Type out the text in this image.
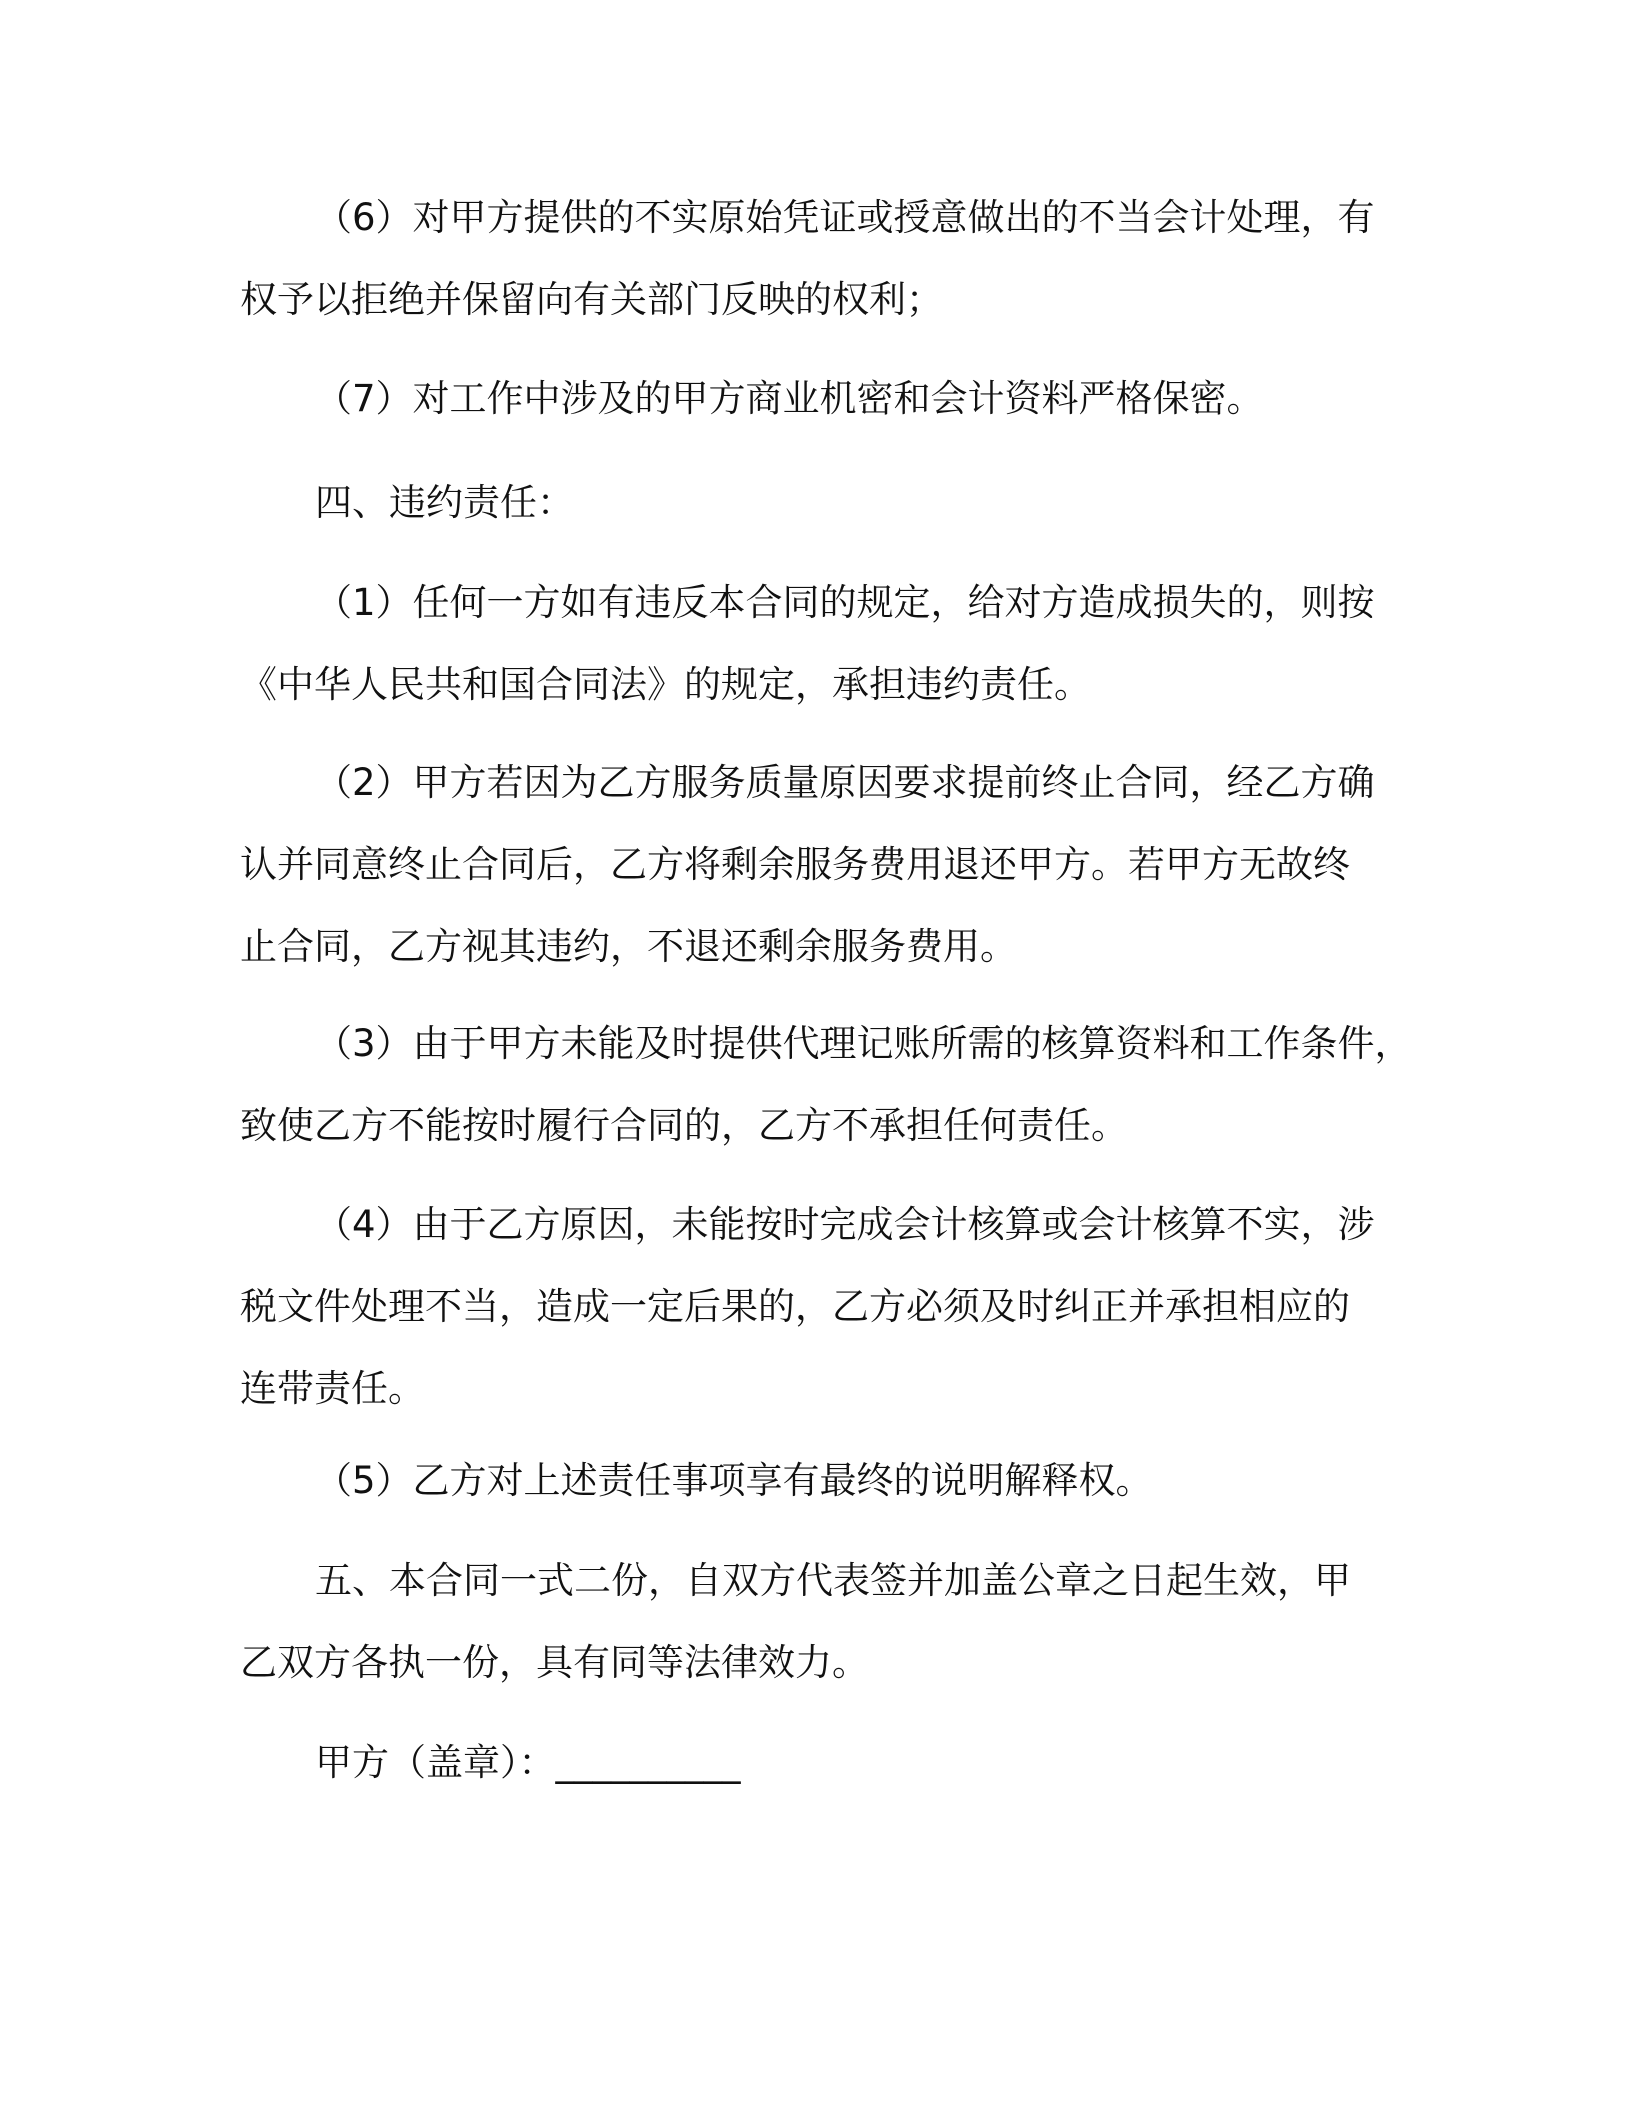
（6）对甲方提供的不实原始凭证或授意做出的不当会计处理，有
权予以拒绝并保留向有关部门反映的权利；
（7）对工作中涉及的甲方商业机密和会计资料严格保密。
四、违约责任：
（1）任何一方如有违反本合同的规定，给对方造成损失的，则按
《中华人民共和国合同法》的规定，承担违约责任。
（2）甲方若因为乙方服务质量原因要求提前终止合同，经乙方确
认并同意终止合同后，乙方将剩余服务费用退还甲方。若甲方无故终
止合同，乙方视其违约，不退还剩余服务费用。
（3）由于甲方未能及时提供代理记账所需的核算资料和工作条件，
致使乙方不能按时履行合同的，乙方不承担任何责任。
（4）由于乙方原因，未能按时完成会计核算或会计核算不实，涉
税文件处理不当，造成一定后果的，乙方必须及时纠正并承担相应的
连带责任。
（5）乙方对上述责任事项享有最终的说明解释权。
五、本合同一式二份，自双方代表签并加盖公章之日起生效，甲
乙双方各执一份，具有同等法律效力。
甲方（盖章）：__________
